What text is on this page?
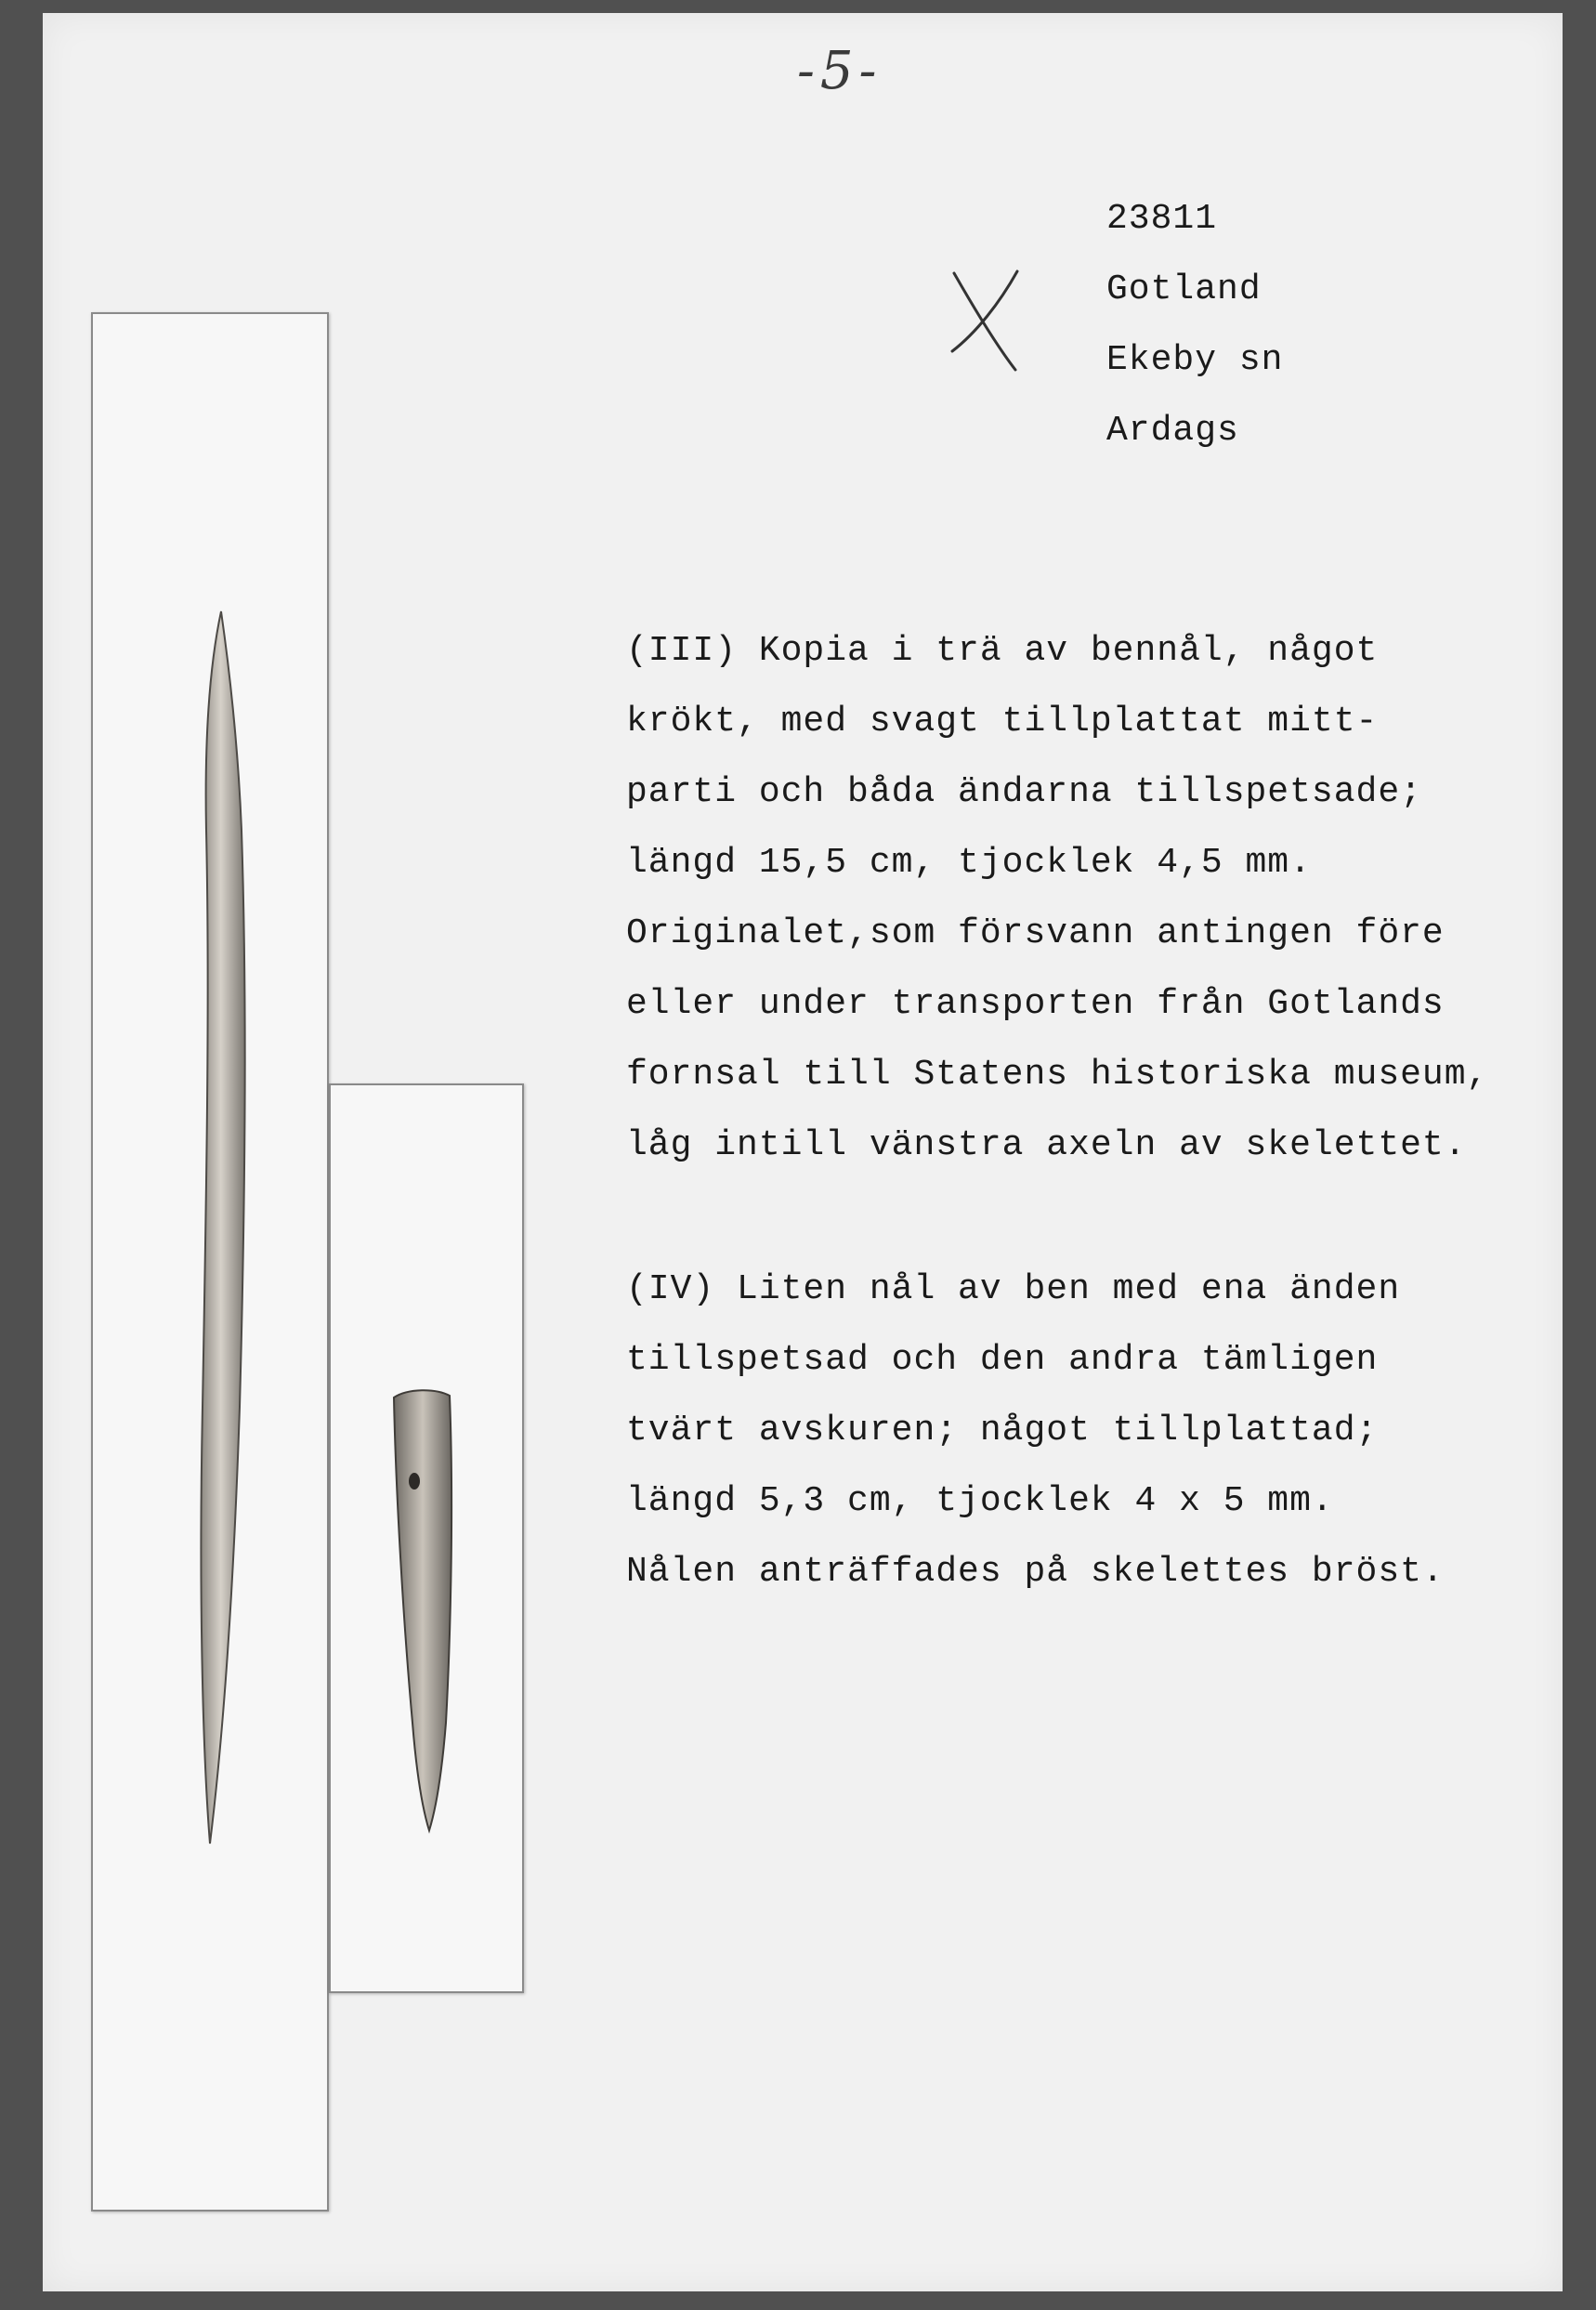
-5-
23811
Gotland
Ekeby sn
Ardags
(III) Kopia i trä av bennål, något
krökt, med svagt tillplattat mitt-
parti och båda ändarna tillspetsade;
längd 15,5 cm, tjocklek 4,5 mm.
Originalet,som försvann antingen före
eller under transporten från Gotlands
fornsal till Statens historiska museum,
låg intill vänstra axeln av skelettet.
(IV) Liten nål av ben med ena änden
tillspetsad och den andra tämligen
tvärt avskuren; något tillplattad;
längd 5,3 cm, tjocklek 4 x 5 mm.
Nålen anträffades på skelettes bröst.
